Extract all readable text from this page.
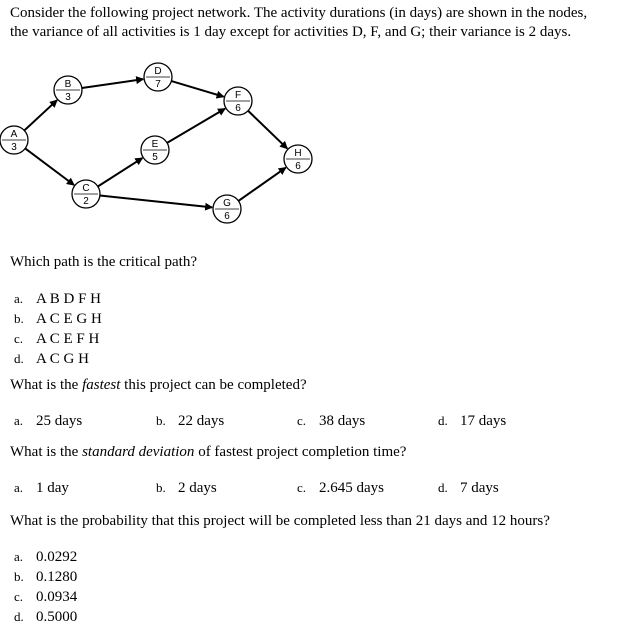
Consider the following project network. The activity durations (in days) are shown in the nodes,
the variance of all activities is 1 day except for activities D, F, and G; their variance is 2 days.
A
3
B
3
C
2
D
7
E
5
F
6
G
6
H
6
Which path is the critical path?
a. A B D F H
b. A C E G H
c. A C E F H
d. A C G H
What is the fastest this project can be completed?
a. 25 days	b. 22 days	c. 38 days	d. 17 days
What is the standard deviation of fastest project completion time?
a. 1 day	b. 2 days	c. 2.645 days	d. 7 days
What is the probability that this project will be completed less than 21 days and 12 hours?
a. 0.0292
b. 0.1280
c. 0.0934
d. 0.5000
